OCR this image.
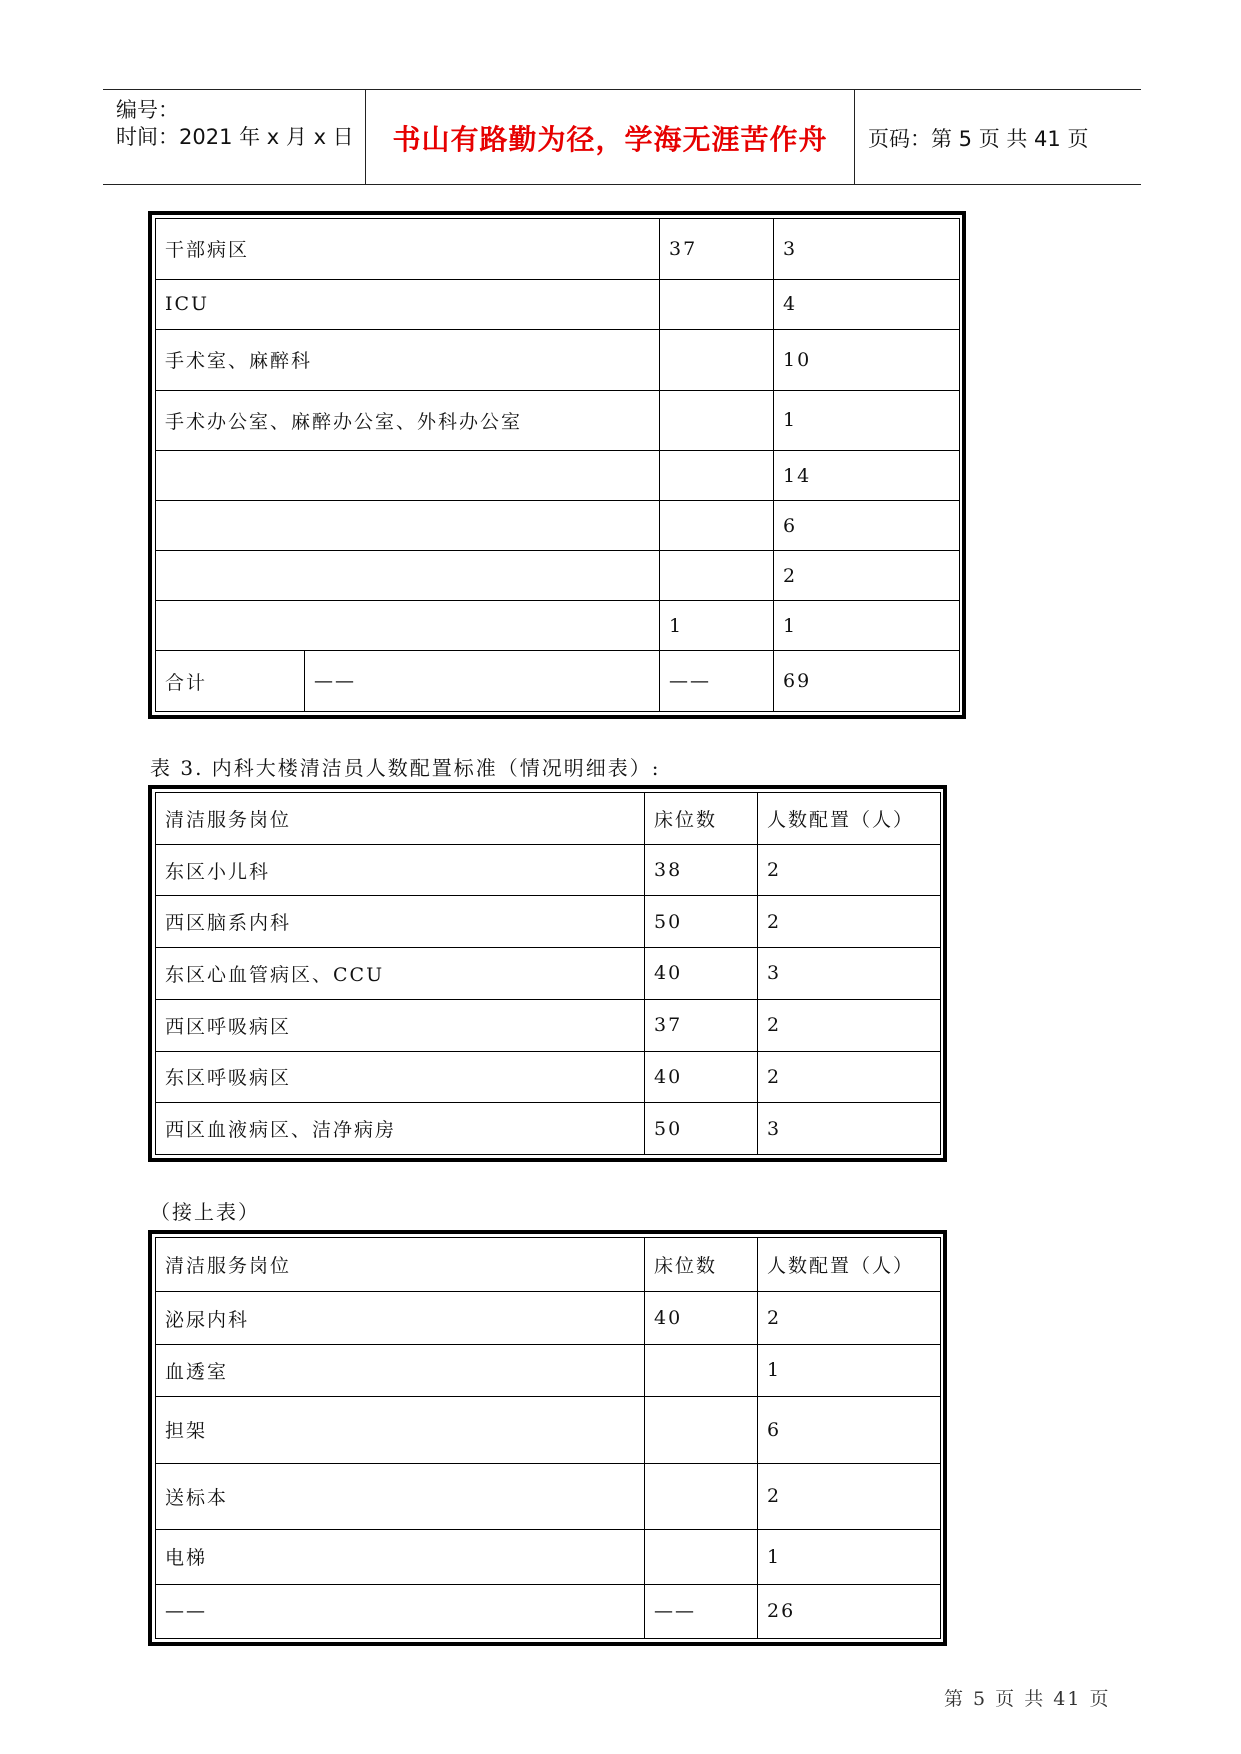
编号：
时间：2021 年 x 月 x 日	书山有路勤为径，学海无涯苦作舟	页码：第 5 页 共 41 页
干部病区		37	3
ICU			4
手术室、麻醉科			10
手术办公室、麻醉办公室、外科办公室			1
			14
			6
			2
		1	1
合计	——	——	69
表 3. 内科大楼清洁员人数配置标准（情况明细表）:
清洁服务岗位	床位数	人数配置（人）
东区小儿科	38	2
西区脑系内科	50	2
东区心血管病区、CCU	40	3
西区呼吸病区	37	2
东区呼吸病区	40	2
西区血液病区、洁净病房	50	3
（接上表）
清洁服务岗位	床位数	人数配置（人）
泌尿内科	40	2
血透室		1
担架		6
送标本		2
电梯		1
——	——	26
第 5 页 共 41 页
